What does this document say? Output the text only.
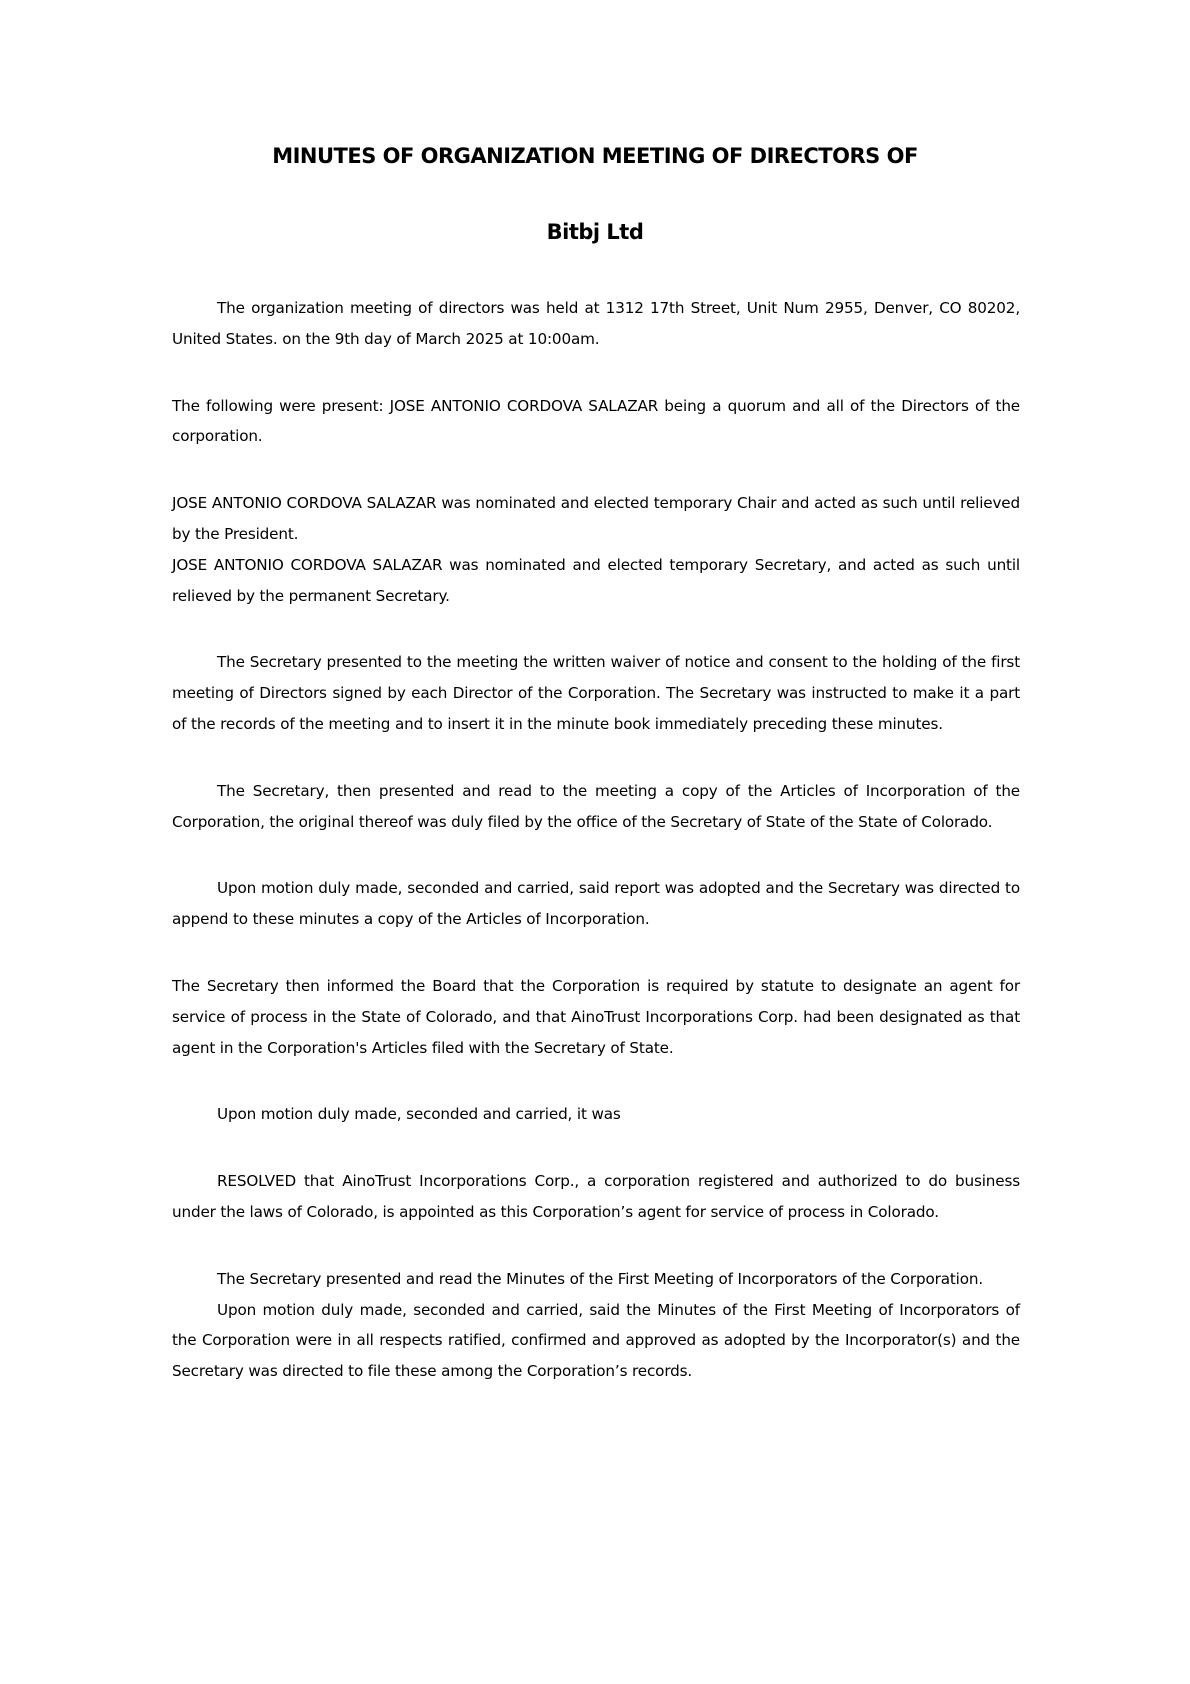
MINUTES OF ORGANIZATION MEETING OF DIRECTORS OF
Bitbj Ltd

The organization meeting of directors was held at 1312 17th Street, Unit Num 2955, Denver, CO 80202, United States. on the 9th day of March 2025 at 10:00am.

The following were present: JOSE ANTONIO CORDOVA SALAZAR being a quorum and all of the Directors of the corporation.

JOSE ANTONIO CORDOVA SALAZAR was nominated and elected temporary Chair and acted as such until relieved by the President.

JOSE ANTONIO CORDOVA SALAZAR was nominated and elected temporary Secretary, and acted as such until relieved by the permanent Secretary.

The Secretary presented to the meeting the written waiver of notice and consent to the holding of the first meeting of Directors signed by each Director of the Corporation. The Secretary was instructed to make it a part of the records of the meeting and to insert it in the minute book immediately preceding these minutes.

The Secretary, then presented and read to the meeting a copy of the Articles of Incorporation of the Corporation, the original thereof was duly filed by the office of the Secretary of State of the State of Colorado.

Upon motion duly made, seconded and carried, said report was adopted and the Secretary was directed to append to these minutes a copy of the Articles of Incorporation.

The Secretary then informed the Board that the Corporation is required by statute to designate an agent for service of process in the State of Colorado, and that AinoTrust Incorporations Corp. had been designated as that agent in the Corporation's Articles filed with the Secretary of State.

Upon motion duly made, seconded and carried, it was

RESOLVED that AinoTrust Incorporations Corp., a corporation registered and authorized to do business under the laws of Colorado, is appointed as this Corporation’s agent for service of process in Colorado.

The Secretary presented and read the Minutes of the First Meeting of Incorporators of the Corporation.

Upon motion duly made, seconded and carried, said the Minutes of the First Meeting of Incorporators of the Corporation were in all respects ratified, confirmed and approved as adopted by the Incorporator(s) and the Secretary was directed to file these among the Corporation’s records.
